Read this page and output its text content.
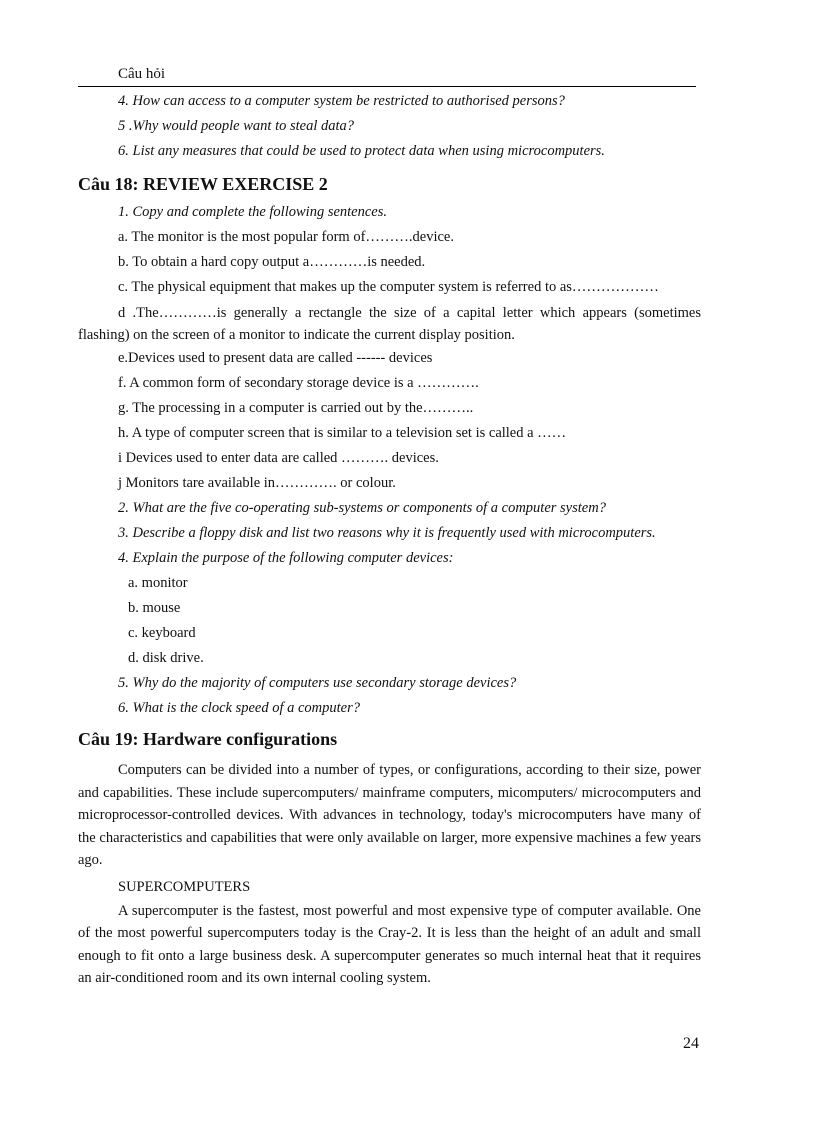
Câu hỏi
4. How can access to a computer system be restricted to authorised persons?
5 .Why would people want to steal data?
6. List any measures that could be used to protect data when using microcomputers.
Câu 18: REVIEW EXERCISE 2
1. Copy and complete the following sentences.
a. The monitor is the most popular form of……….device.
b. To obtain a hard copy output a…………is needed.

c. The physical equipment that makes up the computer system is referred to as………………

d .The…………is generally a rectangle the size of a capital letter which appears (sometimes flashing) on the screen of a monitor to indicate the current display position.

e.Devices used to present data are called ------ devices
f. A common form of secondary storage device is a ………….
g. The processing in a computer is carried out by the………..
h. A type of computer screen that is similar to a television set is called a ……
i Devices used to enter data are called ………. devices.
j Monitors tare available in…………. or colour.
2. What are the five co-operating sub-systems or components of a computer system?
3. Describe a floppy disk and list two reasons why it is frequently used with microcomputers.
4. Explain the purpose of the following computer devices:
a. monitor
b. mouse
c. keyboard
d. disk drive.
5. Why do the majority of computers use secondary storage devices?
6. What is the clock speed of a computer?
Câu 19: Hardware configurations

Computers can be divided into a number of types, or configurations, according to their size, power and capabilities. These include supercomputers/ mainframe computers, micomputers/ microcomputers and microprocessor-controlled devices. With advances in technology, today's microcomputers have many of the characteristics and capabilities that were only available on larger, more expensive machines a few years ago.

SUPERCOMPUTERS

A supercomputer is the fastest, most powerful and most expensive type of computer available. One of the most powerful supercomputers today is the Cray-2. It is less than the height of an adult and small enough to fit onto a large business desk. A supercomputer generates so much internal heat that it requires an air-conditioned room and its own internal cooling system.

24
